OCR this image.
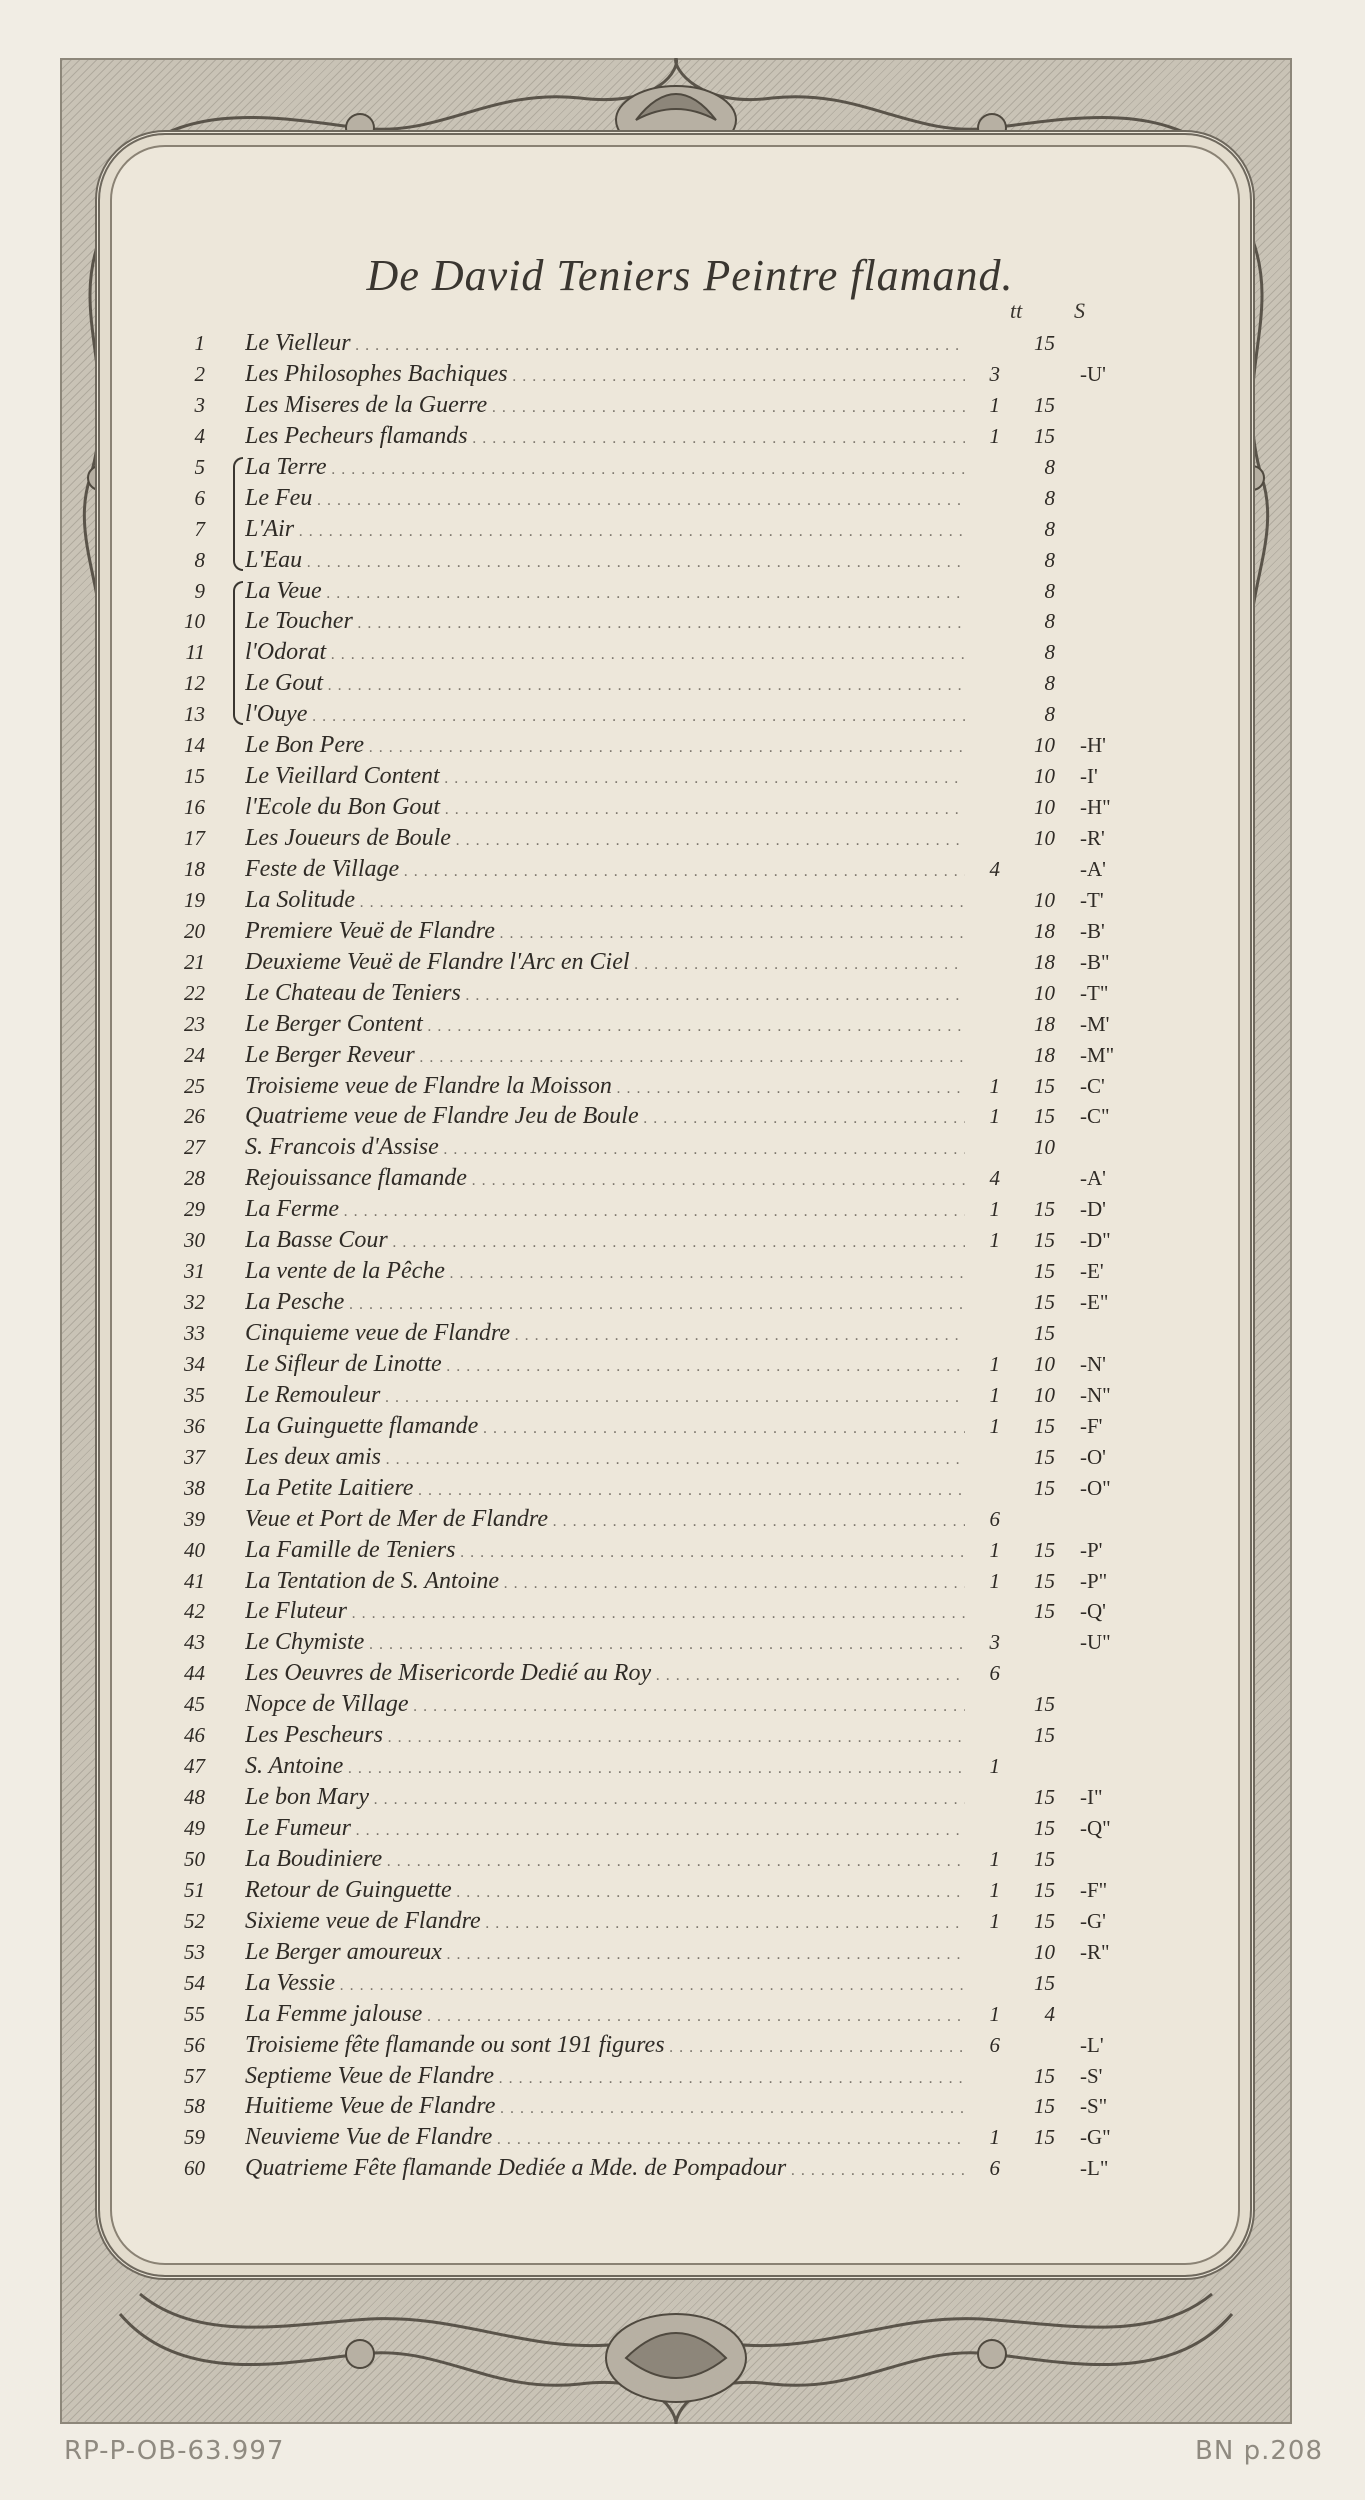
De David Teniers Peintre flamand.
tt S
1 Le Vielleur . . .	15
2 Les Philosophes Bachiques . . .	3	-U'
3 Les Miseres de la Guerre . . .	1	15
4 Les Pecheurs flamands . . .	1	15
5 La Terre . . .	8
6 Le Feu . . .	8
7 L'Air . . .	8
8 L'Eau . . .	8
9 La Veue . . .	8
10 Le Toucher . . .	8
11 l'Odorat . . .	8
12 Le Gout . . .	8
13 l'Ouye . . .	8
14 Le Bon Pere . . .	10 -H'
15 Le Vieillard Content . . .	10 -I'
16 l'Ecole du Bon Gout . . .	10 -H"
17 Les Joueurs de Boule . . .	10 -R'
18 Feste de Village . . .	4	-A'
19 La Solitude . . .	10 -T'
20 Premiere Veuë de Flandre . . .	18 -B'
21 Deuxieme Veuë de Flandre l'Arc en Ciel . . .	18 -B"
22 Le Chateau de Teniers . . .	10 -T"
23 Le Berger Content . . .	18 -M'
24 Le Berger Reveur . . .	18 -M"
25 Troisieme veue de Flandre la Moisson . . .	1	15 -C'
26 Quatrieme veue de Flandre Jeu de Boule . . .	1	15 -C"
27 S. Francois d'Assise . . .	10
28 Rejouissance flamande . . .	4	-A'
29 La Ferme . . .	1	15 -D'
30 La Basse Cour . . .	1	15 -D"
31 La vente de la Pêche . . .	15 -E'
32 La Pesche . . .	15 -E"
33 Cinquieme veue de Flandre . . .	15
34 Le Sifleur de Linotte . . .	1	10 -N'
35 Le Remouleur . . .	1	10 -N"
36 La Guinguette flamande . . .	1	15 -F'
37 Les deux amis . . .	15 -O'
38 La Petite Laitiere . . .	15 -O"
39 Veue et Port de Mer de Flandre . . .	6
40 La Famille de Teniers . . .	1	15 -P'
41 La Tentation de S. Antoine . . .	1	15 -P"
42 Le Fluteur . . .	15 -Q'
43 Le Chymiste . . .	3	-U"
44 Les Oeuvres de Misericorde Dedié au Roy . . .	6
45 Nopce de Village . . .	15
46 Les Pescheurs . . .	15
47 S. Antoine . . .	1
48 Le bon Mary . . .	15 -I"
49 Le Fumeur . . .	15 -Q"
50 La Boudiniere . . .	1	15
51 Retour de Guinguette . . .	1	15 -F"
52 Sixieme veue de Flandre . . .	1	15 -G'
53 Le Berger amoureux . . .	10 -R"
54 La Vessie . . .	15
55 La Femme jalouse . . .	1	4
56 Troisieme fête flamande ou sont 191 figures . . .	6	-L'
57 Septieme Veue de Flandre . . .	15 -S'
58 Huitieme Veue de Flandre . . .	15 -S"
59 Neuvieme Vue de Flandre . . .	1	15 -G"
60 Quatrieme Fête flamande Dediée a Mde. de Pompadour . . .	6	-L"
RP-P-OB-63.997	BN p.208
